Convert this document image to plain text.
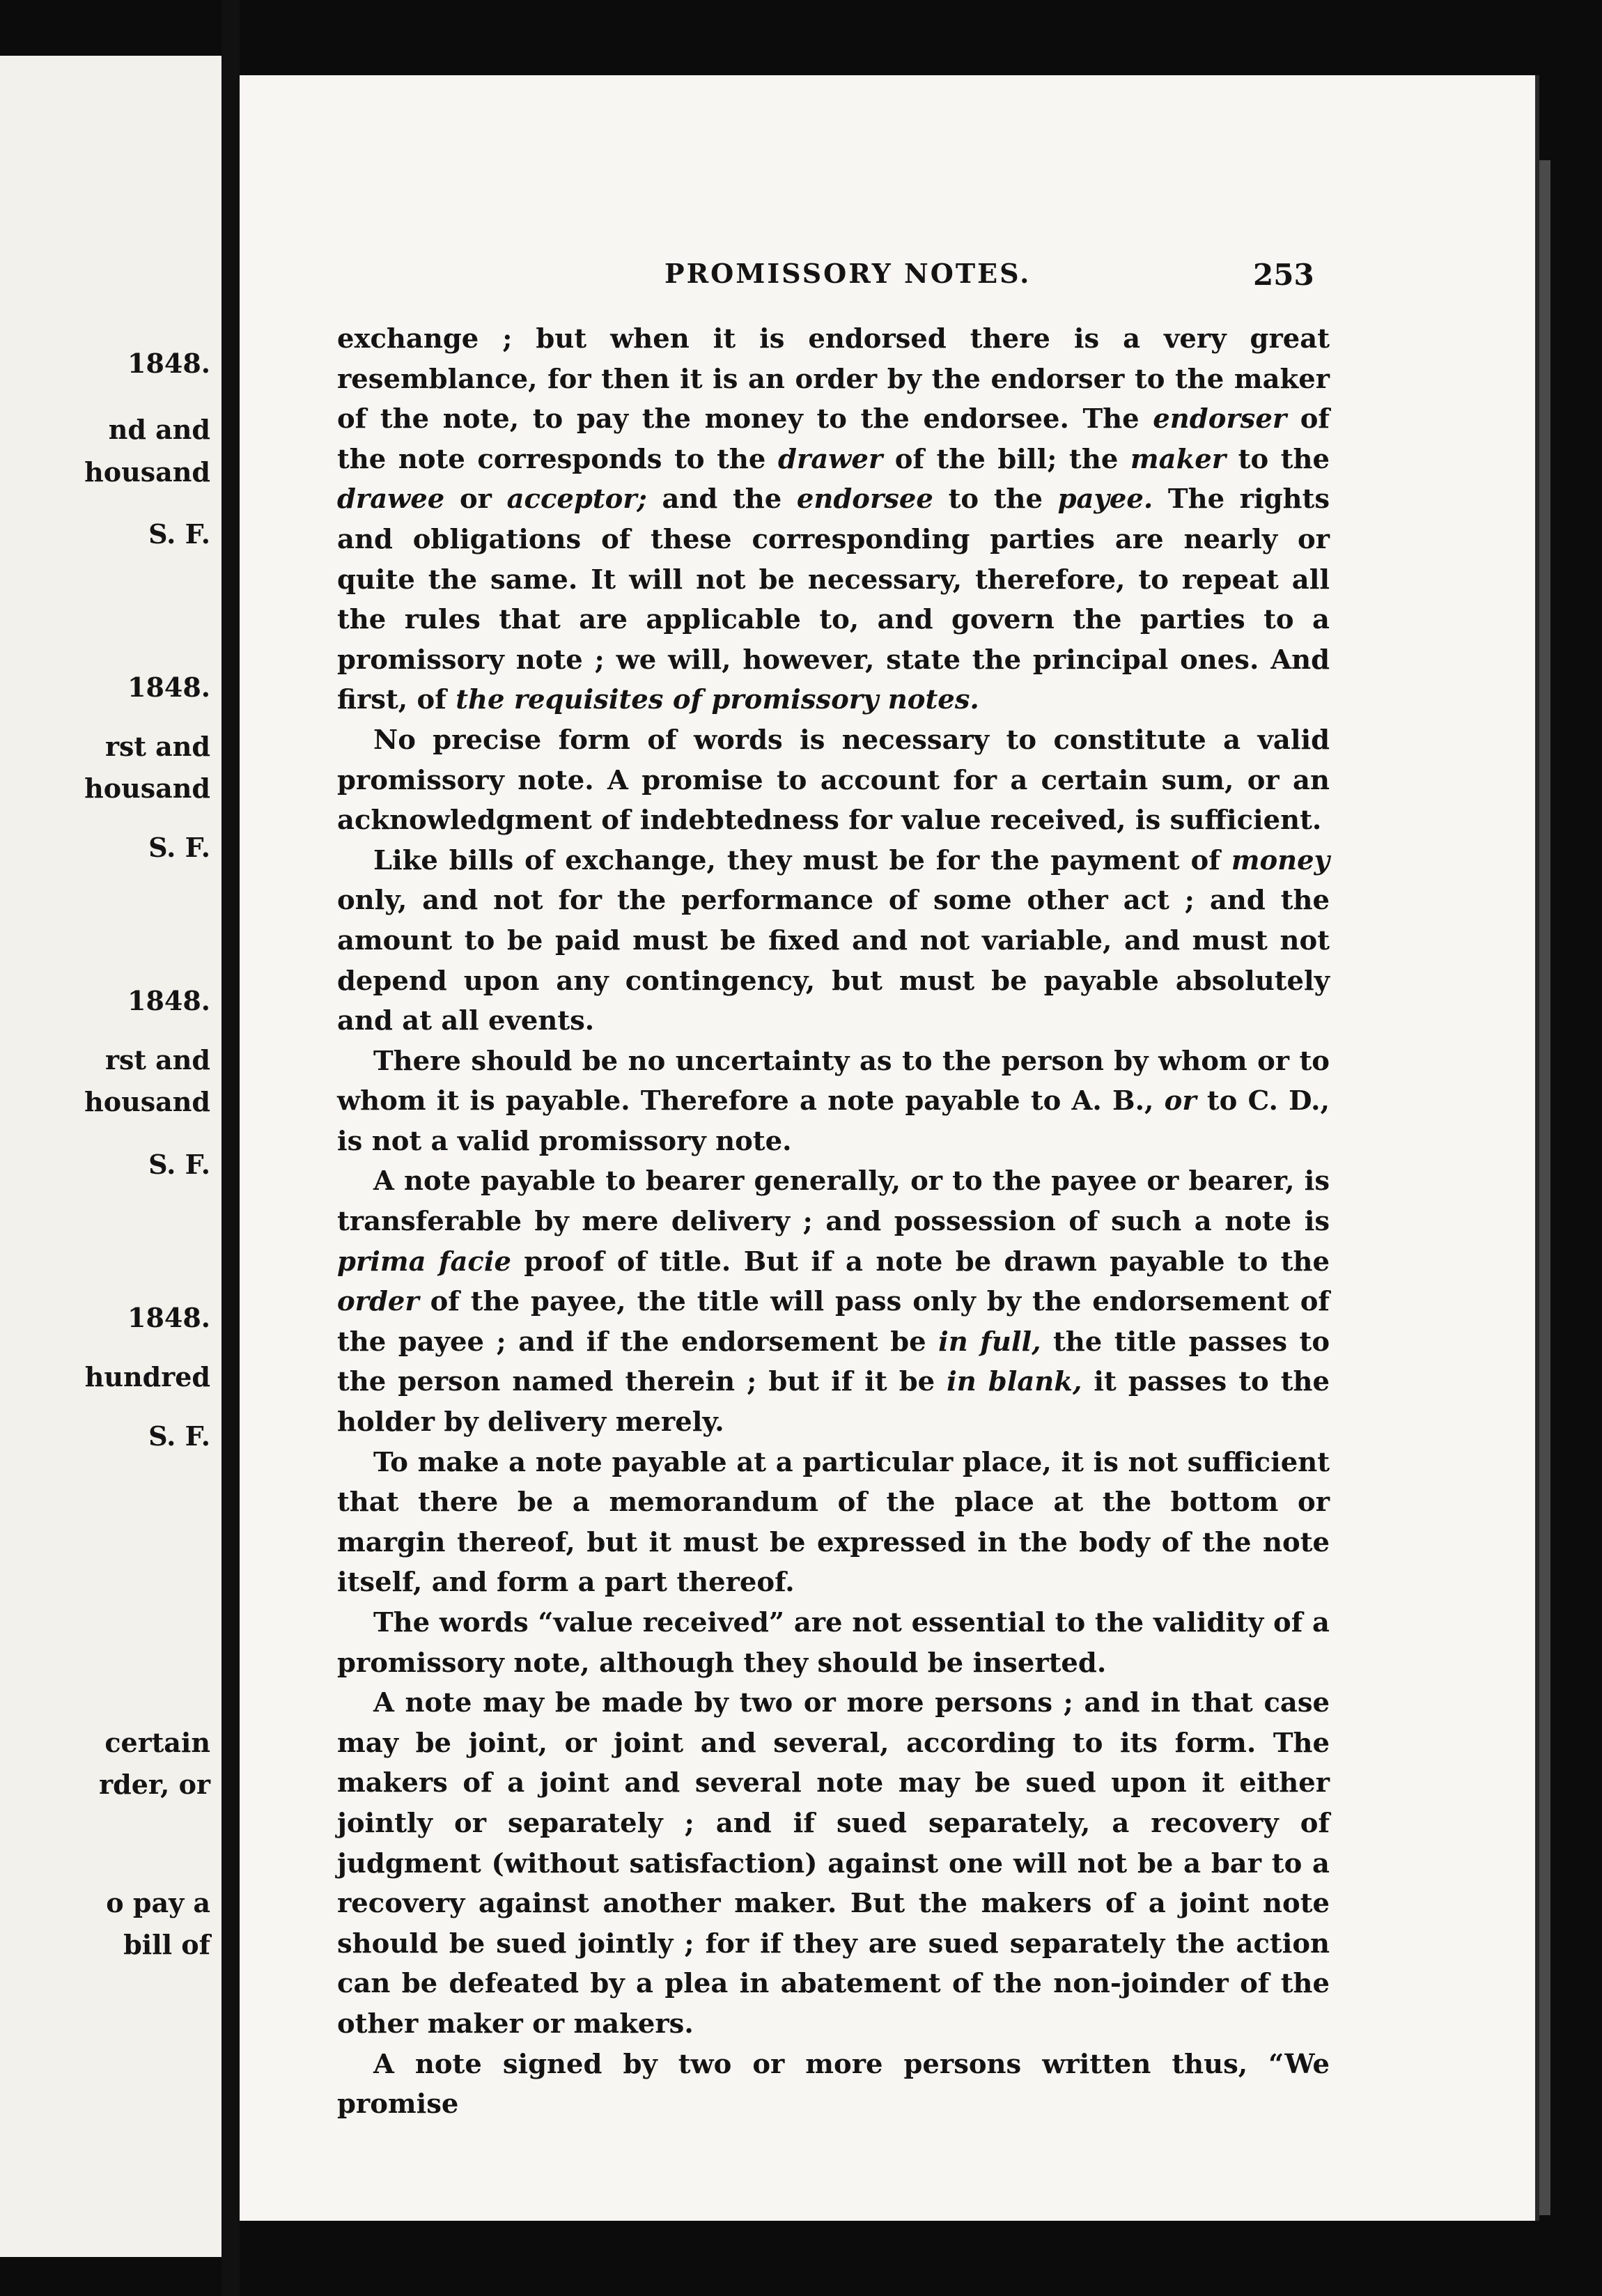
1848.
nd and
housand
S. F.
1848.
rst and
housand
S. F.
1848.
rst and
housand
S. F.
1848.
hundred
S. F.
certain
rder, or
o pay a
bill of
PROMISSORY NOTES.	253

exchange ; but when it is endorsed there is a very great resemblance, for then it is an order by the endorser to the maker of the note, to pay the money to the endorsee. The endorser of the note corresponds to the drawer of the bill; the maker to the drawee or acceptor; and the endorsee to the payee. The rights and obligations of these corresponding parties are nearly or quite the same. It will not be necessary, therefore, to repeat all the rules that are applicable to, and govern the parties to a promissory note ; we will, however, state the principal ones. And first, of the requisites of promissory notes.

No precise form of words is necessary to constitute a valid promissory note. A promise to account for a certain sum, or an acknowledgment of indebtedness for value received, is sufficient.

Like bills of exchange, they must be for the payment of money only, and not for the performance of some other act ; and the amount to be paid must be fixed and not variable, and must not depend upon any contingency, but must be payable absolutely and at all events.

There should be no uncertainty as to the person by whom or to whom it is payable. Therefore a note payable to A. B., or to C. D., is not a valid promissory note.

A note payable to bearer generally, or to the payee or bearer, is transferable by mere delivery ; and possession of such a note is prima facie proof of title. But if a note be drawn payable to the order of the payee, the title will pass only by the endorsement of the payee ; and if the endorsement be in full, the title passes to the person named therein ; but if it be in blank, it passes to the holder by delivery merely.

To make a note payable at a particular place, it is not sufficient that there be a memorandum of the place at the bottom or margin thereof, but it must be expressed in the body of the note itself, and form a part thereof.

The words “value received” are not essential to the validity of a promissory note, although they should be inserted.

A note may be made by two or more persons ; and in that case may be joint, or joint and several, according to its form. The makers of a joint and several note may be sued upon it either jointly or separately ; and if sued separately, a recovery of judgment (without satisfaction) against one will not be a bar to a recovery against another maker. But the makers of a joint note should be sued jointly ; for if they are sued separately the action can be defeated by a plea in abatement of the non-joinder of the other maker or makers.

A note signed by two or more persons written thus, “We promise
